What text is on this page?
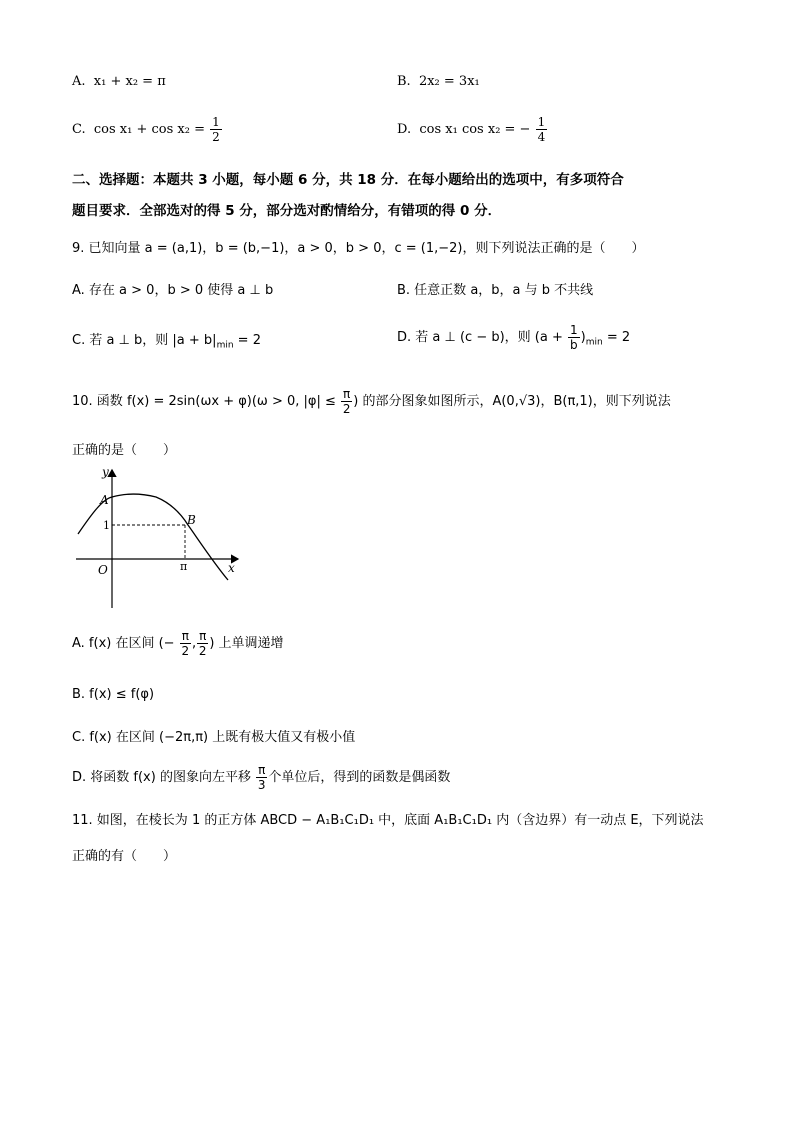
A. x₁ + x₂ = π	B. 2x₂ = 3x₁
C. $\cos x_1 + \cos x_2 = \frac{1}{2}$	D. cos x₁ cos x₂ = − $\frac{1}{4}$
二、选择题：本题共 3 小题，每小题 6 分，共 18 分．在每小题给出的选项中，有多项符合
题目要求．全部选对的得 5 分，部分选对酌情给分，有错项的得 0 分．
9. 已知向量 a = (a,1)，b = (b,−1)，a > 0，b > 0，c = (1,−2)，则下列说法正确的是（　　）
A. 存在 a > 0，b > 0 使得 a ⊥ b	B. 任意正数 a，b，a 与 b 不共线
C. 若 a ⊥ b，则 $|a + b|_{min} = 2$	D. 若 a ⊥ (c − b)，则 $(a + \frac{1}{b} )_{min} = 2$
10. 函数 f(x) = 2sin(ωx + φ)(ω > 0, $|\varphi| \le \frac{\pi}{2}$ ) 的部分图象如图所示，A(0,√3)，B(π,1)，则下列说法
正确的是（　　）
y
x
O
A
B
1
π
A. f(x) 在区间 (− $\frac{\pi}{2}$ , $\frac{\pi}{2}$ ) 上单调递增
B. f(x) ≤ f(φ)
C. f(x) 在区间 (−2π,π) 上既有极大值又有极小值
D. 将函数 f(x) 的图象向左平移 $\frac{\pi}{3}$ 个单位后，得到的函数是偶函数
11. 如图，在棱长为 1 的正方体 ABCD − A₁B₁C₁D₁ 中，底面 A₁B₁C₁D₁ 内（含边界）有一动点 E，下列说法
正确的有（　　）
